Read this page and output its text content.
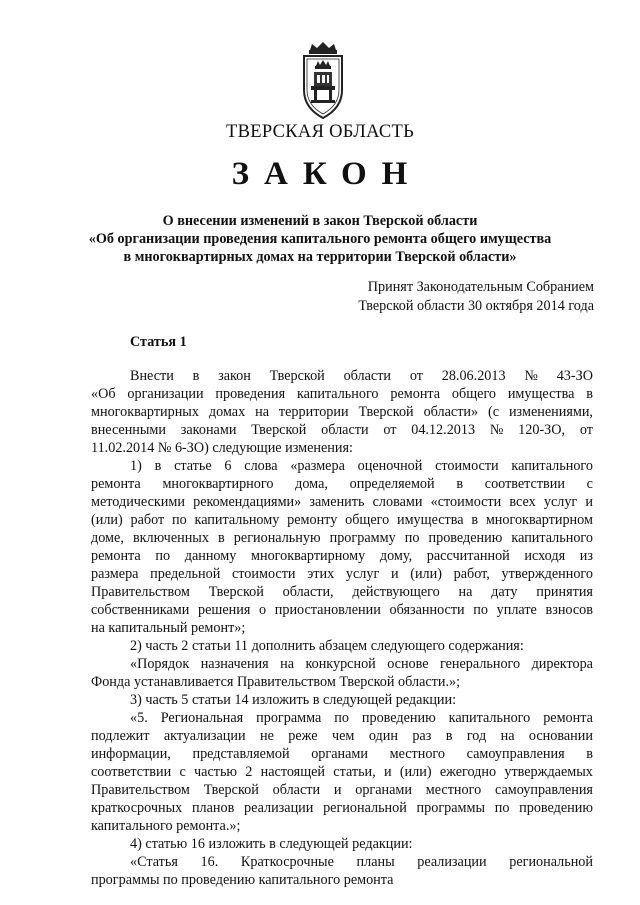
ТВЕРСКАЯ ОБЛАСТЬ
ЗАКОН
О внесении изменений в закон Тверской области
«Об организации проведения капитального ремонта общего имущества
в многоквартирных домах на территории Тверской области»
Принят Законодательным Собранием
Тверской области 30 октября 2014 года
Статья 1
Внести в закон Тверской области от 28.06.2013 № 43-ЗО
«Об организации проведения капитального ремонта общего имущества в
многоквартирных домах на территории Тверской области» (с изменениями,
внесенными законами Тверской области от 04.12.2013 № 120-ЗО, от
11.02.2014 № 6-ЗО) следующие изменения:
1) в статье 6 слова «размера оценочной стоимости капитального
ремонта многоквартирного дома, определяемой в соответствии с
методическими рекомендациями» заменить словами «стоимости всех услуг и
(или) работ по капитальному ремонту общего имущества в многоквартирном
доме, включенных в региональную программу по проведению капитального
ремонта по данному многоквартирному дому, рассчитанной исходя из
размера предельной стоимости этих услуг и (или) работ, утвержденного
Правительством Тверской области, действующего на дату принятия
собственниками решения о приостановлении обязанности по уплате взносов
на капитальный ремонт»;
2) часть 2 статьи 11 дополнить абзацем следующего содержания:
«Порядок назначения на конкурсной основе генерального директора
Фонда устанавливается Правительством Тверской области.»;
3) часть 5 статьи 14 изложить в следующей редакции:
«5. Региональная программа по проведению капитального ремонта
подлежит актуализации не реже чем один раз в год на основании
информации, представляемой органами местного самоуправления в
соответствии с частью 2 настоящей статьи, и (или) ежегодно утверждаемых
Правительством Тверской области и органами местного самоуправления
краткосрочных планов реализации региональной программы по проведению
капитального ремонта.»;
4) статью 16 изложить в следующей редакции:
«Статья 16. Краткосрочные планы реализации региональной
программы по проведению капитального ремонта
